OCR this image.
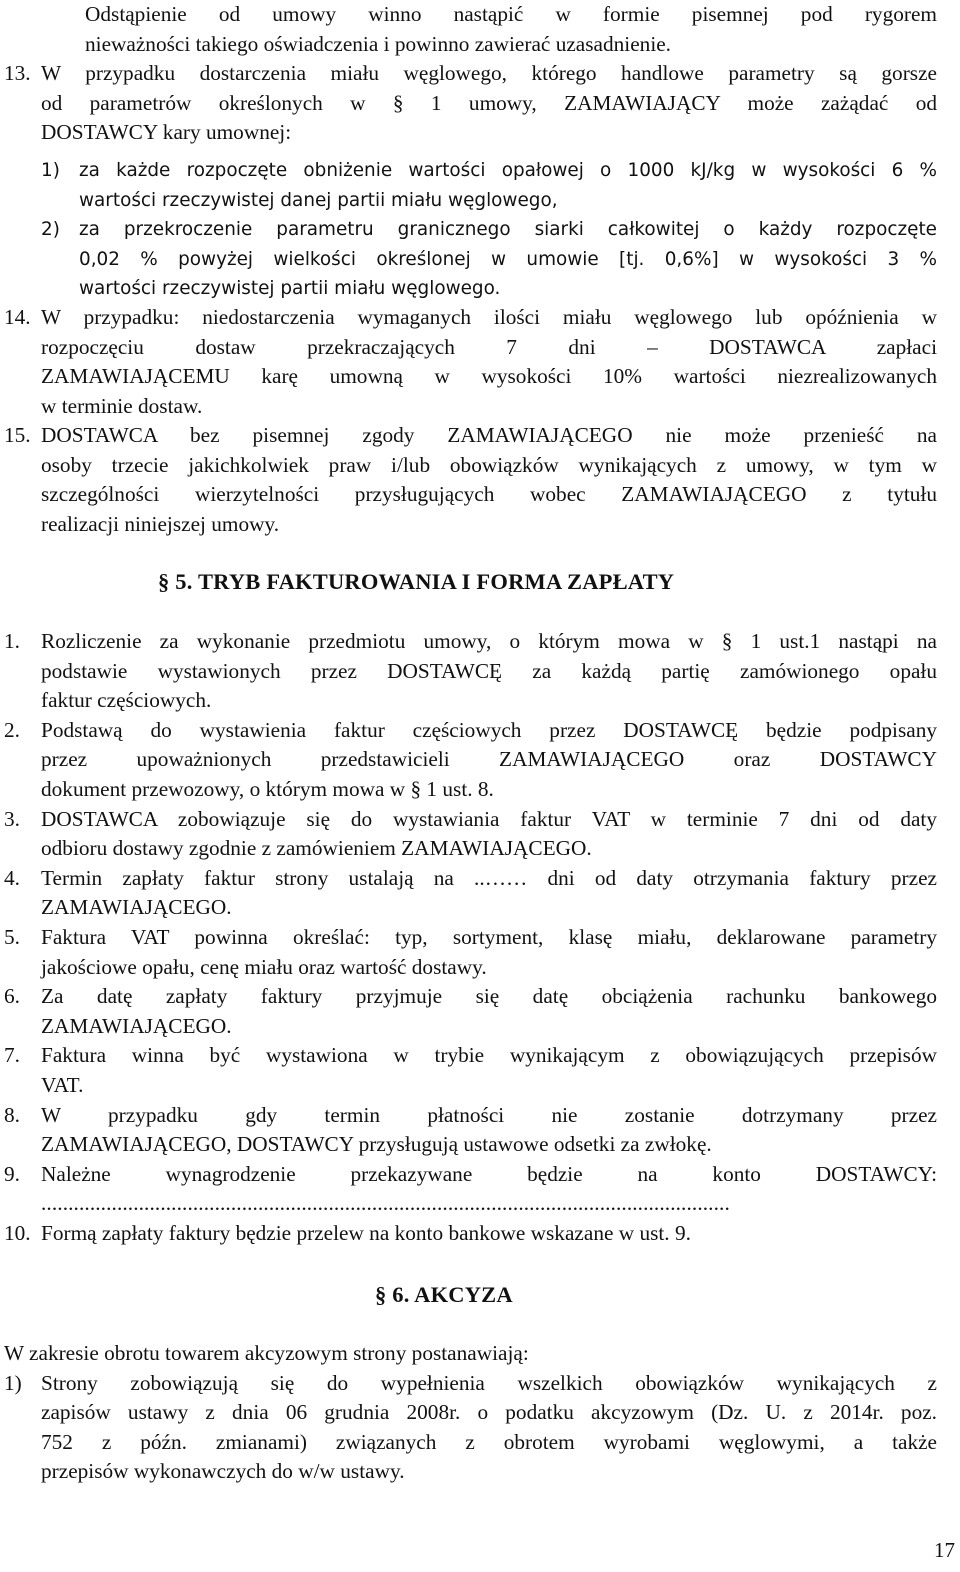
Odstąpienie od umowy winno nastąpić w formie pisemnej pod rygorem

nieważności takiego oświadczenia i powinno zawierać uzasadnienie.

13. W przypadku dostarczenia miału węglowego, którego handlowe parametry są gorsze

od parametrów określonych w § 1 umowy, ZAMAWIAJĄCY może zażądać od

DOSTAWCY kary umownej:

1)	za każde rozpoczęte obniżenie wartości opałowej o 1000 kJ/kg w wysokości 6 %

wartości rzeczywistej danej partii miału węglowego,

2)	za przekroczenie parametru granicznego siarki całkowitej o każdy rozpoczęte

0,02 % powyżej wielkości określonej w umowie [tj. 0,6%] w wysokości 3 %

wartości rzeczywistej partii miału węglowego.

14. W przypadku: niedostarczenia wymaganych ilości miału węglowego lub opóźnienia w

rozpoczęciu dostaw przekraczających 7 dni – DOSTAWCA zapłaci

ZAMAWIAJĄCEMU karę umowną w wysokości 10% wartości niezrealizowanych

w terminie dostaw.

15. DOSTAWCA bez pisemnej zgody ZAMAWIAJĄCEGO nie może przenieść na

osoby trzecie jakichkolwiek praw i/lub obowiązków wynikających z umowy, w tym w

szczególności wierzytelności przysługujących wobec ZAMAWIAJĄCEGO z tytułu

realizacji niniejszej umowy.

§ 5. TRYB FAKTUROWANIA I FORMA ZAPŁATY
1. Rozliczenie za wykonanie przedmiotu umowy, o którym mowa w § 1 ust.1 nastąpi na

podstawie wystawionych przez DOSTAWCĘ za każdą partię zamówionego opału

faktur częściowych.

2. Podstawą do wystawienia faktur częściowych przez DOSTAWCĘ będzie podpisany

przez upoważnionych przedstawicieli ZAMAWIAJĄCEGO oraz DOSTAWCY

dokument przewozowy, o którym mowa w § 1 ust. 8.

3. DOSTAWCA zobowiązuje się do wystawiania faktur VAT w terminie 7 dni od daty

odbioru dostawy zgodnie z zamówieniem ZAMAWIAJĄCEGO.

4. Termin zapłaty faktur strony ustalają na ..…… dni od daty otrzymania faktury przez

ZAMAWIAJĄCEGO.

5. Faktura VAT powinna określać: typ, sortyment, klasę miału, deklarowane parametry

jakościowe opału, cenę miału oraz wartość dostawy.

6. Za datę zapłaty faktury przyjmuje się datę obciążenia rachunku bankowego

ZAMAWIAJĄCEGO.

7. Faktura winna być wystawiona w trybie wynikającym z obowiązujących przepisów

VAT.

8. W przypadku gdy termin płatności nie zostanie dotrzymany przez

ZAMAWIAJĄCEGO, DOSTAWCY przysługują ustawowe odsetki za zwłokę.

9. Należne wynagrodzenie przekazywane będzie na konto DOSTAWCY:

...............................................................................................................................

10. Formą zapłaty faktury będzie przelew na konto bankowe wskazane w ust. 9.

§ 6. AKCYZA

W zakresie obrotu towarem akcyzowym strony postanawiają:

1) Strony zobowiązują się do wypełnienia wszelkich obowiązków wynikających z

zapisów ustawy z dnia 06 grudnia 2008r. o podatku akcyzowym (Dz. U. z 2014r. poz.

752 z późn. zmianami) związanych z obrotem wyrobami węglowymi, a także

przepisów wykonawczych do w/w ustawy.

17
